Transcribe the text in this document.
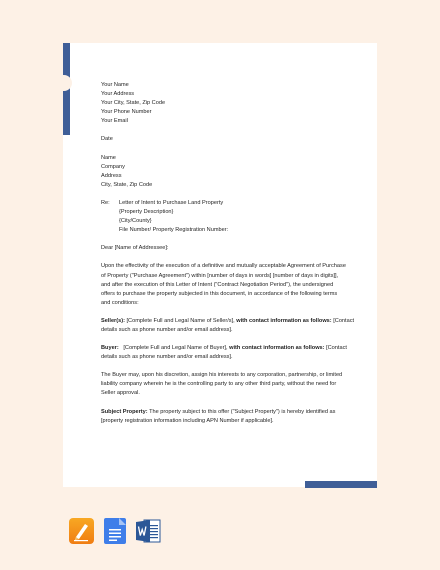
Your Name

Your Address

Your City, State, Zip Code

Your Phone Number

Your Email

Date

Name

Company

Address

City, State, Zip Code

Re:	Letter of Intent to Purchase Land Property

{Property Description}

{City/County}

File Number/ Property Registration Number:

Dear [Name of Addressee]:

Upon the effectivity of the execution of a definitive and mutually acceptable Agreement of Purchase

of Property ("Purchase Agreement") within [number of days in words] [number of days in digits]],

and after the execution of this Letter of Intent ("Contract Negotiation Period"), the undersigned

offers to purchase the property subjected in this document, in accordance of the following terms

and conditions:

Seller(s): [Complete Full and Legal Name of Seller/s], with contact information as follows: [Contact

details such as phone number and/or email address].

Buyer:   [Complete Full and Legal Name of Buyer], with contact information as follows: [Contact

details such as phone number and/or email address].

The Buyer may, upon his discretion, assign his interests to any corporation, partnership, or limited

liability company wherein he is the controlling party to any other third party, without the need for

Seller approval.

Subject Property: The property subject to this offer ("Subject Property") is hereby identified as

[property registration information including APN Number if applicable].
